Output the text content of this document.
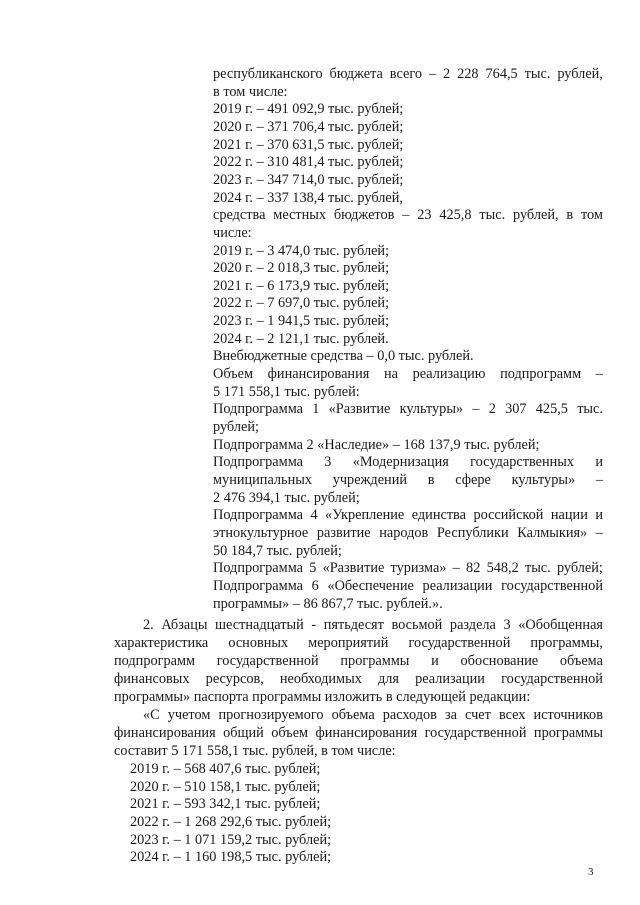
республиканского бюджета всего – 2 228 764,5 тыс. рублей,
в том числе:
2019 г. – 491 092,9 тыс. рублей;
2020 г. – 371 706,4 тыс. рублей;
2021 г. – 370 631,5 тыс. рублей;
2022 г. – 310 481,4 тыс. рублей;
2023 г. – 347 714,0 тыс. рублей;
2024 г. – 337 138,4 тыс. рублей,
средства местных бюджетов – 23 425,8 тыс. рублей, в том
числе:
2019 г. – 3 474,0 тыс. рублей;
2020 г. – 2 018,3 тыс. рублей;
2021 г. – 6 173,9 тыс. рублей;
2022 г. – 7 697,0 тыс. рублей;
2023 г. – 1 941,5 тыс. рублей;
2024 г. – 2 121,1 тыс. рублей.
Внебюджетные средства – 0,0 тыс. рублей.
Объем финансирования на реализацию подпрограмм –
5 171 558,1 тыс. рублей:
Подпрограмма 1 «Развитие культуры» – 2 307 425,5 тыс.
рублей;
Подпрограмма 2 «Наследие» – 168 137,9 тыс. рублей;
Подпрограмма 3 «Модернизация государственных и
муниципальных учреждений в сфере культуры» –
2 476 394,1 тыс. рублей;
Подпрограмма 4 «Укрепление единства российской нации и
этнокультурное развитие народов Республики Калмыкия» –
50 184,7 тыс. рублей;
Подпрограмма 5 «Развитие туризма» – 82 548,2 тыс. рублей;
Подпрограмма 6 «Обеспечение реализации государственной
программы» – 86 867,7 тыс. рублей.».
2. Абзацы шестнадцатый - пятьдесят восьмой раздела 3 «Обобщенная
характеристика основных мероприятий государственной программы,
подпрограмм государственной программы и обоснование объема
финансовых ресурсов, необходимых для реализации государственной
программы» паспорта программы изложить в следующей редакции:
«С учетом прогнозируемого объема расходов за счет всех источников
финансирования общий объем финансирования государственной программы
составит 5 171 558,1 тыс. рублей, в том числе:
2019 г. – 568 407,6 тыс. рублей;
2020 г. – 510 158,1 тыс. рублей;
2021 г. – 593 342,1 тыс. рублей;
2022 г. – 1 268 292,6 тыс. рублей;
2023 г. – 1 071 159,2 тыс. рублей;
2024 г. – 1 160 198,5 тыс. рублей;
3
